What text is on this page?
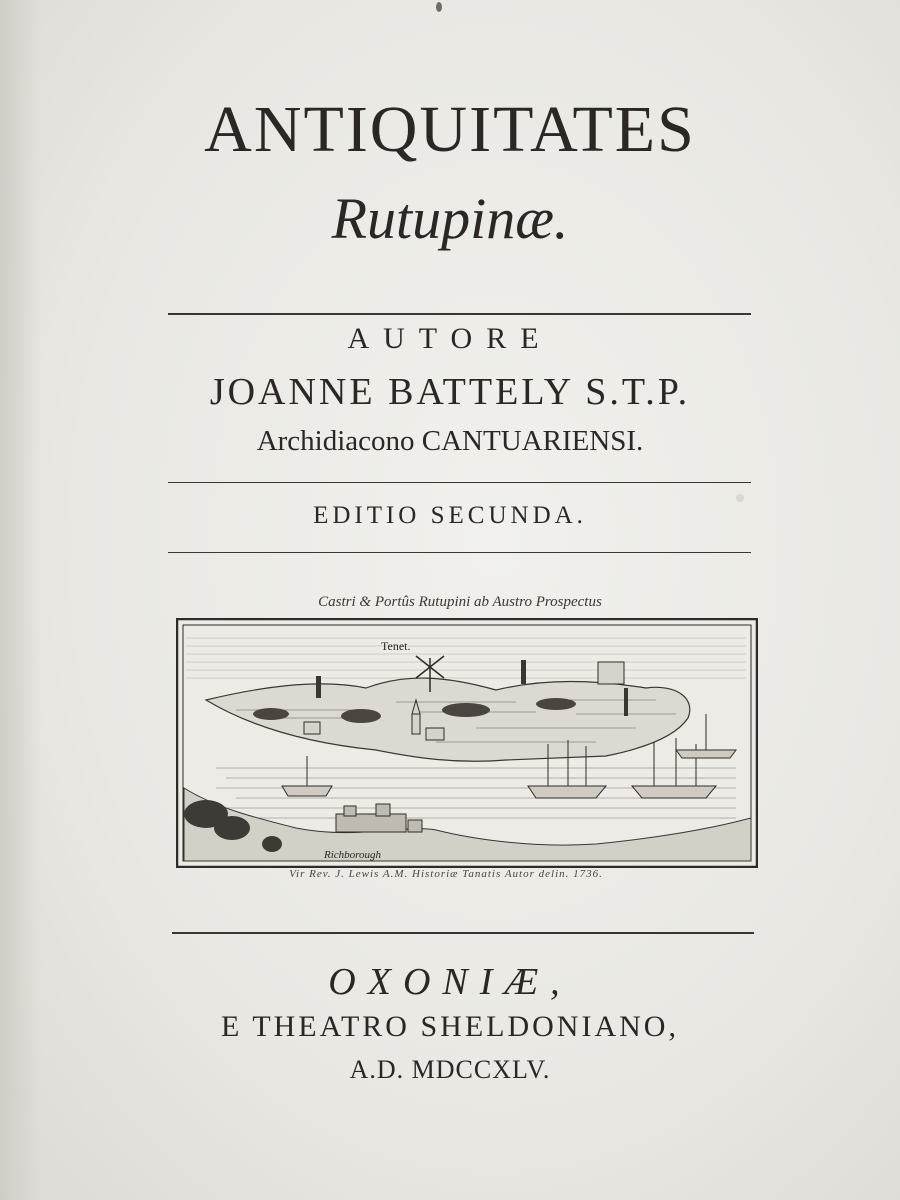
ANTIQUITATES
Rutupinæ.
AUTORE
JOANNE BATTELY S.T.P.
Archidiacono CANTUARIENSI.
EDITIO SECUNDA.
Castri & Portûs Rutupini ab Austro Prospectus
Tenet.
Richborough
Vir Rev. J. Lewis A.M. Historiæ Tanatis Autor delin. 1736.
OXONIÆ,
E THEATRO SHELDONIANO,
A.D. MDCCXLV.
